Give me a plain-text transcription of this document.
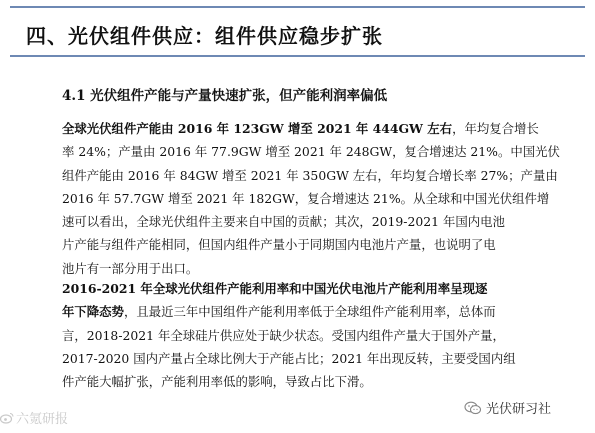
四、光伏组件供应：组件供应稳步扩张
4.1 光伏组件产能与产量快速扩张，但产能利润率偏低
全球光伏组件产能由 2016 年 123GW 增至 2021 年 444GW 左右，年均复合增长
率 24%；产量由 2016 年 77.9GW 增至 2021 年 248GW，复合增速达 21%。中国光伏
组件产能由 2016 年 84GW 增至 2021 年 350GW 左右，年均复合增长率 27%；产量由
2016 年 57.7GW 增至 2021 年 182GW，复合增速达 21%。从全球和中国光伏组件增
速可以看出，全球光伏组件主要来自中国的贡献；其次，2019-2021 年国内电池
片产能与组件产能相同，但国内组件产量小于同期国内电池片产量，也说明了电
池片有一部分用于出口。
2016-2021 年全球光伏组件产能利用率和中国光伏电池片产能利用率呈现逐
年下降态势，且最近三年中国组件产能利用率低于全球组件产能利用率，总体而
言，2018-2021 年全球硅片供应处于缺少状态。受国内组件产量大于国外产量，
2017-2020 国内产量占全球比例大于产能占比；2021 年出现反转，主要受国内组
件产能大幅扩张，产能利用率低的影响，导致占比下滑。
六氪研报
光伏研习社
